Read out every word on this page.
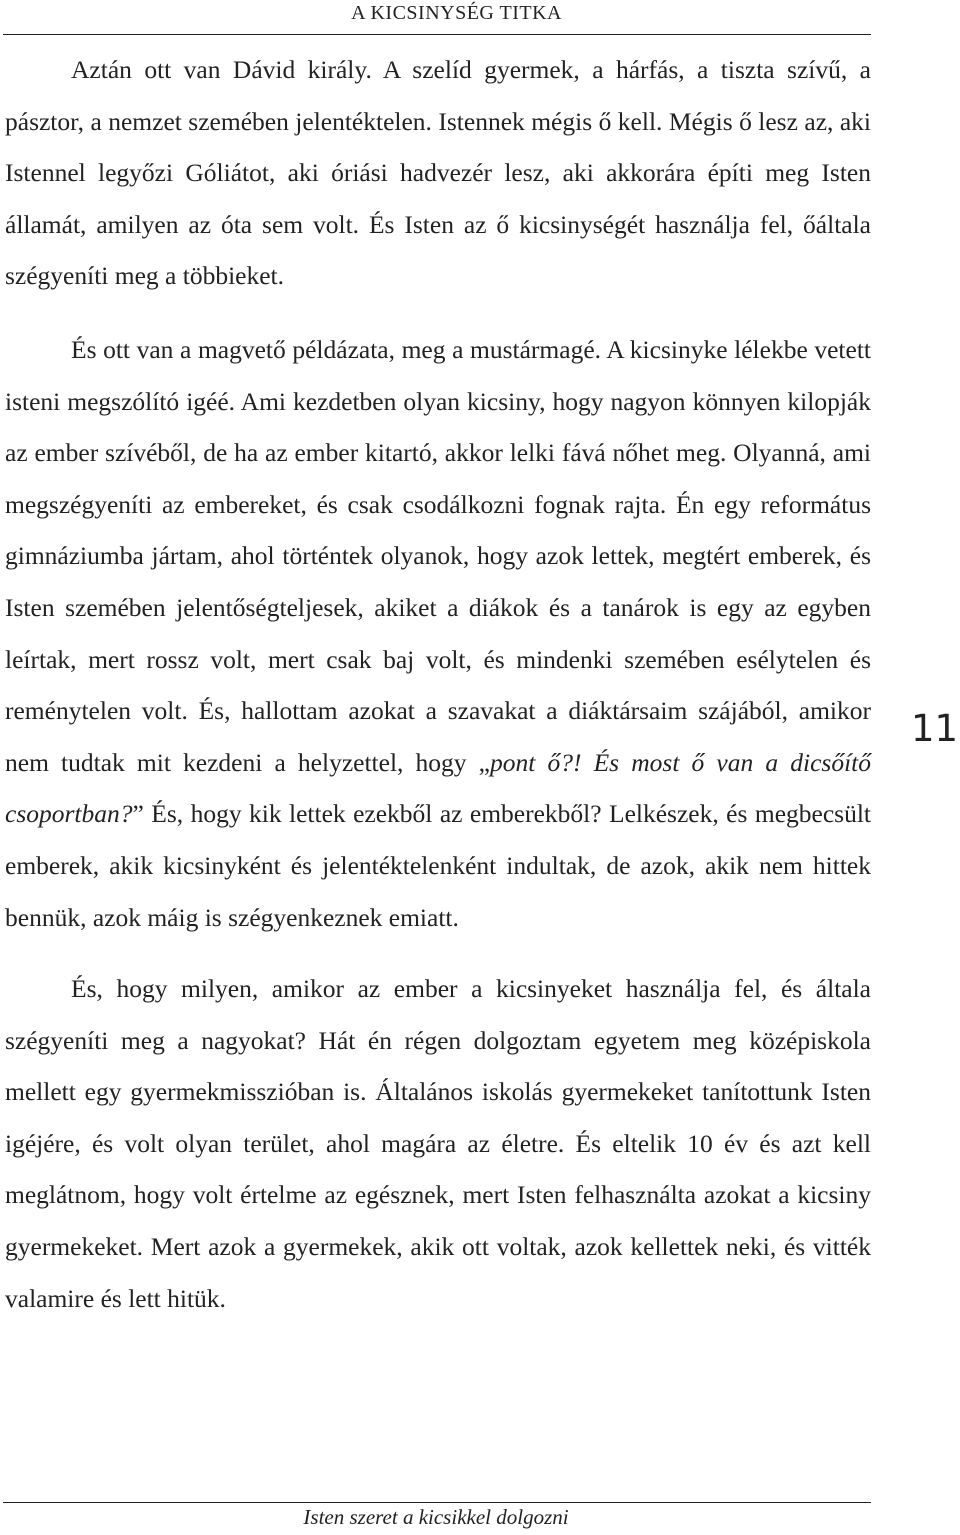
A KICSINYSÉG TITKA

Aztán ott van Dávid király. A szelíd gyermek, a hárfás, a tiszta szívű, a pásztor, a nemzet szemében jelentéktelen. Istennek mégis ő kell. Mégis ő lesz az, aki Istennel legyőzi Góliátot, aki óriási hadvezér lesz, aki akkorára építi meg Isten államát, amilyen az óta sem volt. És Isten az ő kicsinységét használja fel, őáltala szégyeníti meg a többieket.

És ott van a magvető példázata, meg a mustármagé. A kicsinyke lélekbe vetett isteni megszólító igéé. Ami kezdetben olyan kicsiny, hogy nagyon könnyen kilopják az ember szívéből, de ha az ember kitartó, akkor lelki fává nőhet meg. Olyanná, ami megszégyeníti az embereket, és csak csodálkozni fognak rajta. Én egy református gimnáziumba jártam, ahol történtek olyanok, hogy azok lettek, megtért emberek, és Isten szemében jelentőségteljesek, akiket a diákok és a tanárok is egy az egyben leírtak, mert rossz volt, mert csak baj volt, és mindenki szemében esélytelen és reménytelen volt. És, hallottam azokat a szavakat a diáktársaim szájából, amikor nem tudtak mit kezdeni a helyzettel, hogy „pont ő?! És most ő van a dicsőítő csoportban?” És, hogy kik lettek ezekből az emberekből? Lelkészek, és megbecsült emberek, akik kicsinyként és jelentéktelenként indultak, de azok, akik nem hittek bennük, azok máig is szégyenkeznek emiatt.

És, hogy milyen, amikor az ember a kicsinyeket használja fel, és általa szégyeníti meg a nagyokat? Hát én régen dolgoztam egyetem meg középiskola mellett egy gyermekmisszióban is. Általános iskolás gyermekeket tanítottunk Isten igéjére, és volt olyan terület, ahol magára az életre. És eltelik 10 év és azt kell meglátnom, hogy volt értelme az egésznek, mert Isten felhasználta azokat a kicsiny gyermekeket. Mert azok a gyermekek, akik ott voltak, azok kellettek neki, és vitték valamire és lett hitük.

11
Isten szeret a kicsikkel dolgozni
